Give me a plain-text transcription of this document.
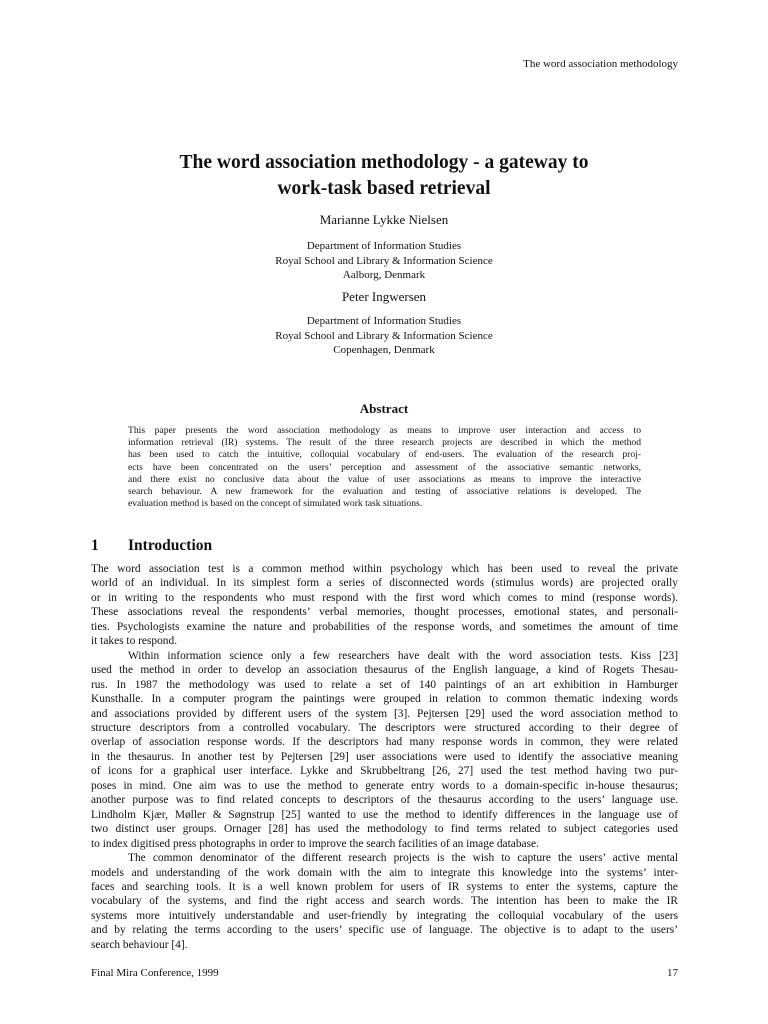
The word association methodology
The word association methodology - a gateway to
work-task based retrieval
Marianne Lykke Nielsen
Department of Information Studies
Royal School and Library & Information Science
Aalborg, Denmark
Peter Ingwersen
Department of Information Studies
Royal School and Library & Information Science
Copenhagen, Denmark
Abstract
This paper presents the word association methodology as means to improve user interaction and access to
information retrieval (IR) systems. The result of the three research projects are described in which the method
has been used to catch the intuitive, colloquial vocabulary of end-users. The evaluation of the research proj-
ects have been concentrated on the users’ perception and assessment of the associative semantic networks,
and there exist no conclusive data about the value of user associations as means to improve the interactive
search behaviour. A new framework for the evaluation and testing of associative relations is developed. The
evaluation method is based on the concept of simulated work task situations.
1 Introduction
The word association test is a common method within psychology which has been used to reveal the private
world of an individual. In its simplest form a series of disconnected words (stimulus words) are projected orally
or in writing to the respondents who must respond with the first word which comes to mind (response words).
These associations reveal the respondents’ verbal memories, thought processes, emotional states, and personali-
ties. Psychologists examine the nature and probabilities of the response words, and sometimes the amount of time
it takes to respond.
Within information science only a few researchers have dealt with the word association tests. Kiss [23]
used the method in order to develop an association thesaurus of the English language, a kind of Rogets Thesau-
rus. In 1987 the methodology was used to relate a set of 140 paintings of an art exhibition in Hamburger
Kunsthalle. In a computer program the paintings were grouped in relation to common thematic indexing words
and associations provided by different users of the system [3]. Pejtersen [29] used the word association method to
structure descriptors from a controlled vocabulary. The descriptors were structured according to their degree of
overlap of association response words. If the descriptors had many response words in common, they were related
in the thesaurus. In another test by Pejtersen [29] user associations were used to identify the associative meaning
of icons for a graphical user interface. Lykke and Skrubbeltrang [26, 27] used the test method having two pur-
poses in mind. One aim was to use the method to generate entry words to a domain-specific in-house thesaurus;
another purpose was to find related concepts to descriptors of the thesaurus according to the users’ language use.
Lindholm Kjær, Møller & Søgnstrup [25] wanted to use the method to identify differences in the language use of
two distinct user groups. Ornager [28] has used the methodology to find terms related to subject categories used
to index digitised press photographs in order to improve the search facilities of an image database.
The common denominator of the different research projects is the wish to capture the users’ active mental
models and understanding of the work domain with the aim to integrate this knowledge into the systems’ inter-
faces and searching tools. It is a well known problem for users of IR systems to enter the systems, capture the
vocabulary of the systems, and find the right access and search words. The intention has been to make the IR
systems more intuitively understandable and user-friendly by integrating the colloquial vocabulary of the users
and by relating the terms according to the users’ specific use of language. The objective is to adapt to the users’
search behaviour [4].
Final Mira Conference, 1999	17
